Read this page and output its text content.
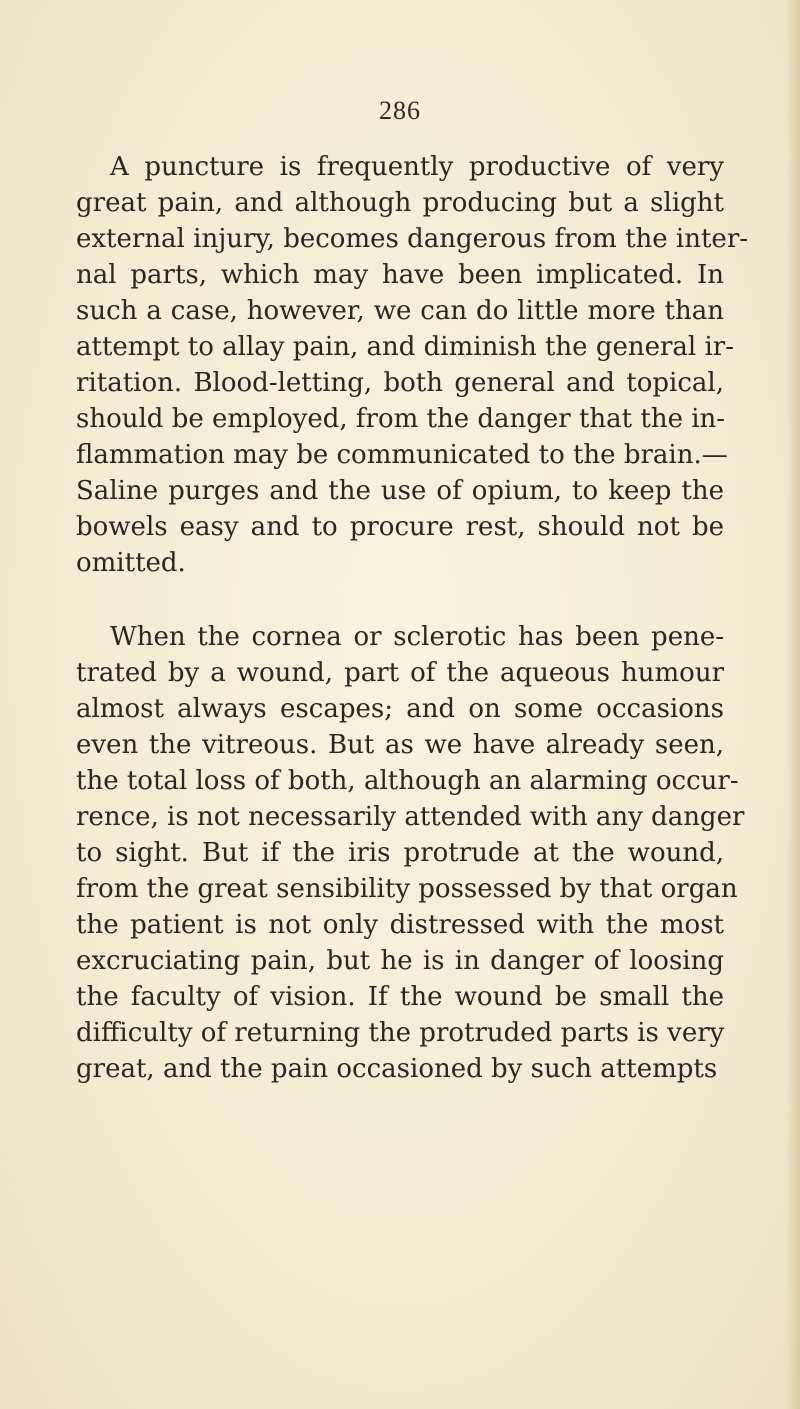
286
A puncture is frequently productive of very
great pain, and although producing but a slight
external injury, becomes dangerous from the inter-
nal parts, which may have been implicated. In
such a case, however, we can do little more than
attempt to allay pain, and diminish the general ir-
ritation. Blood-letting, both general and topical,
should be employed, from the danger that the in-
flammation may be communicated to the brain.—
Saline purges and the use of opium, to keep the
bowels easy and to procure rest, should not be
omitted.
When the cornea or sclerotic has been pene-
trated by a wound, part of the aqueous humour
almost always escapes; and on some occasions
even the vitreous. But as we have already seen,
the total loss of both, although an alarming occur-
rence, is not necessarily attended with any danger
to sight. But if the iris protrude at the wound,
from the great sensibility possessed by that organ
the patient is not only distressed with the most
excruciating pain, but he is in danger of loosing
the faculty of vision. If the wound be small the
difficulty of returning the protruded parts is very
great, and the pain occasioned by such attempts
